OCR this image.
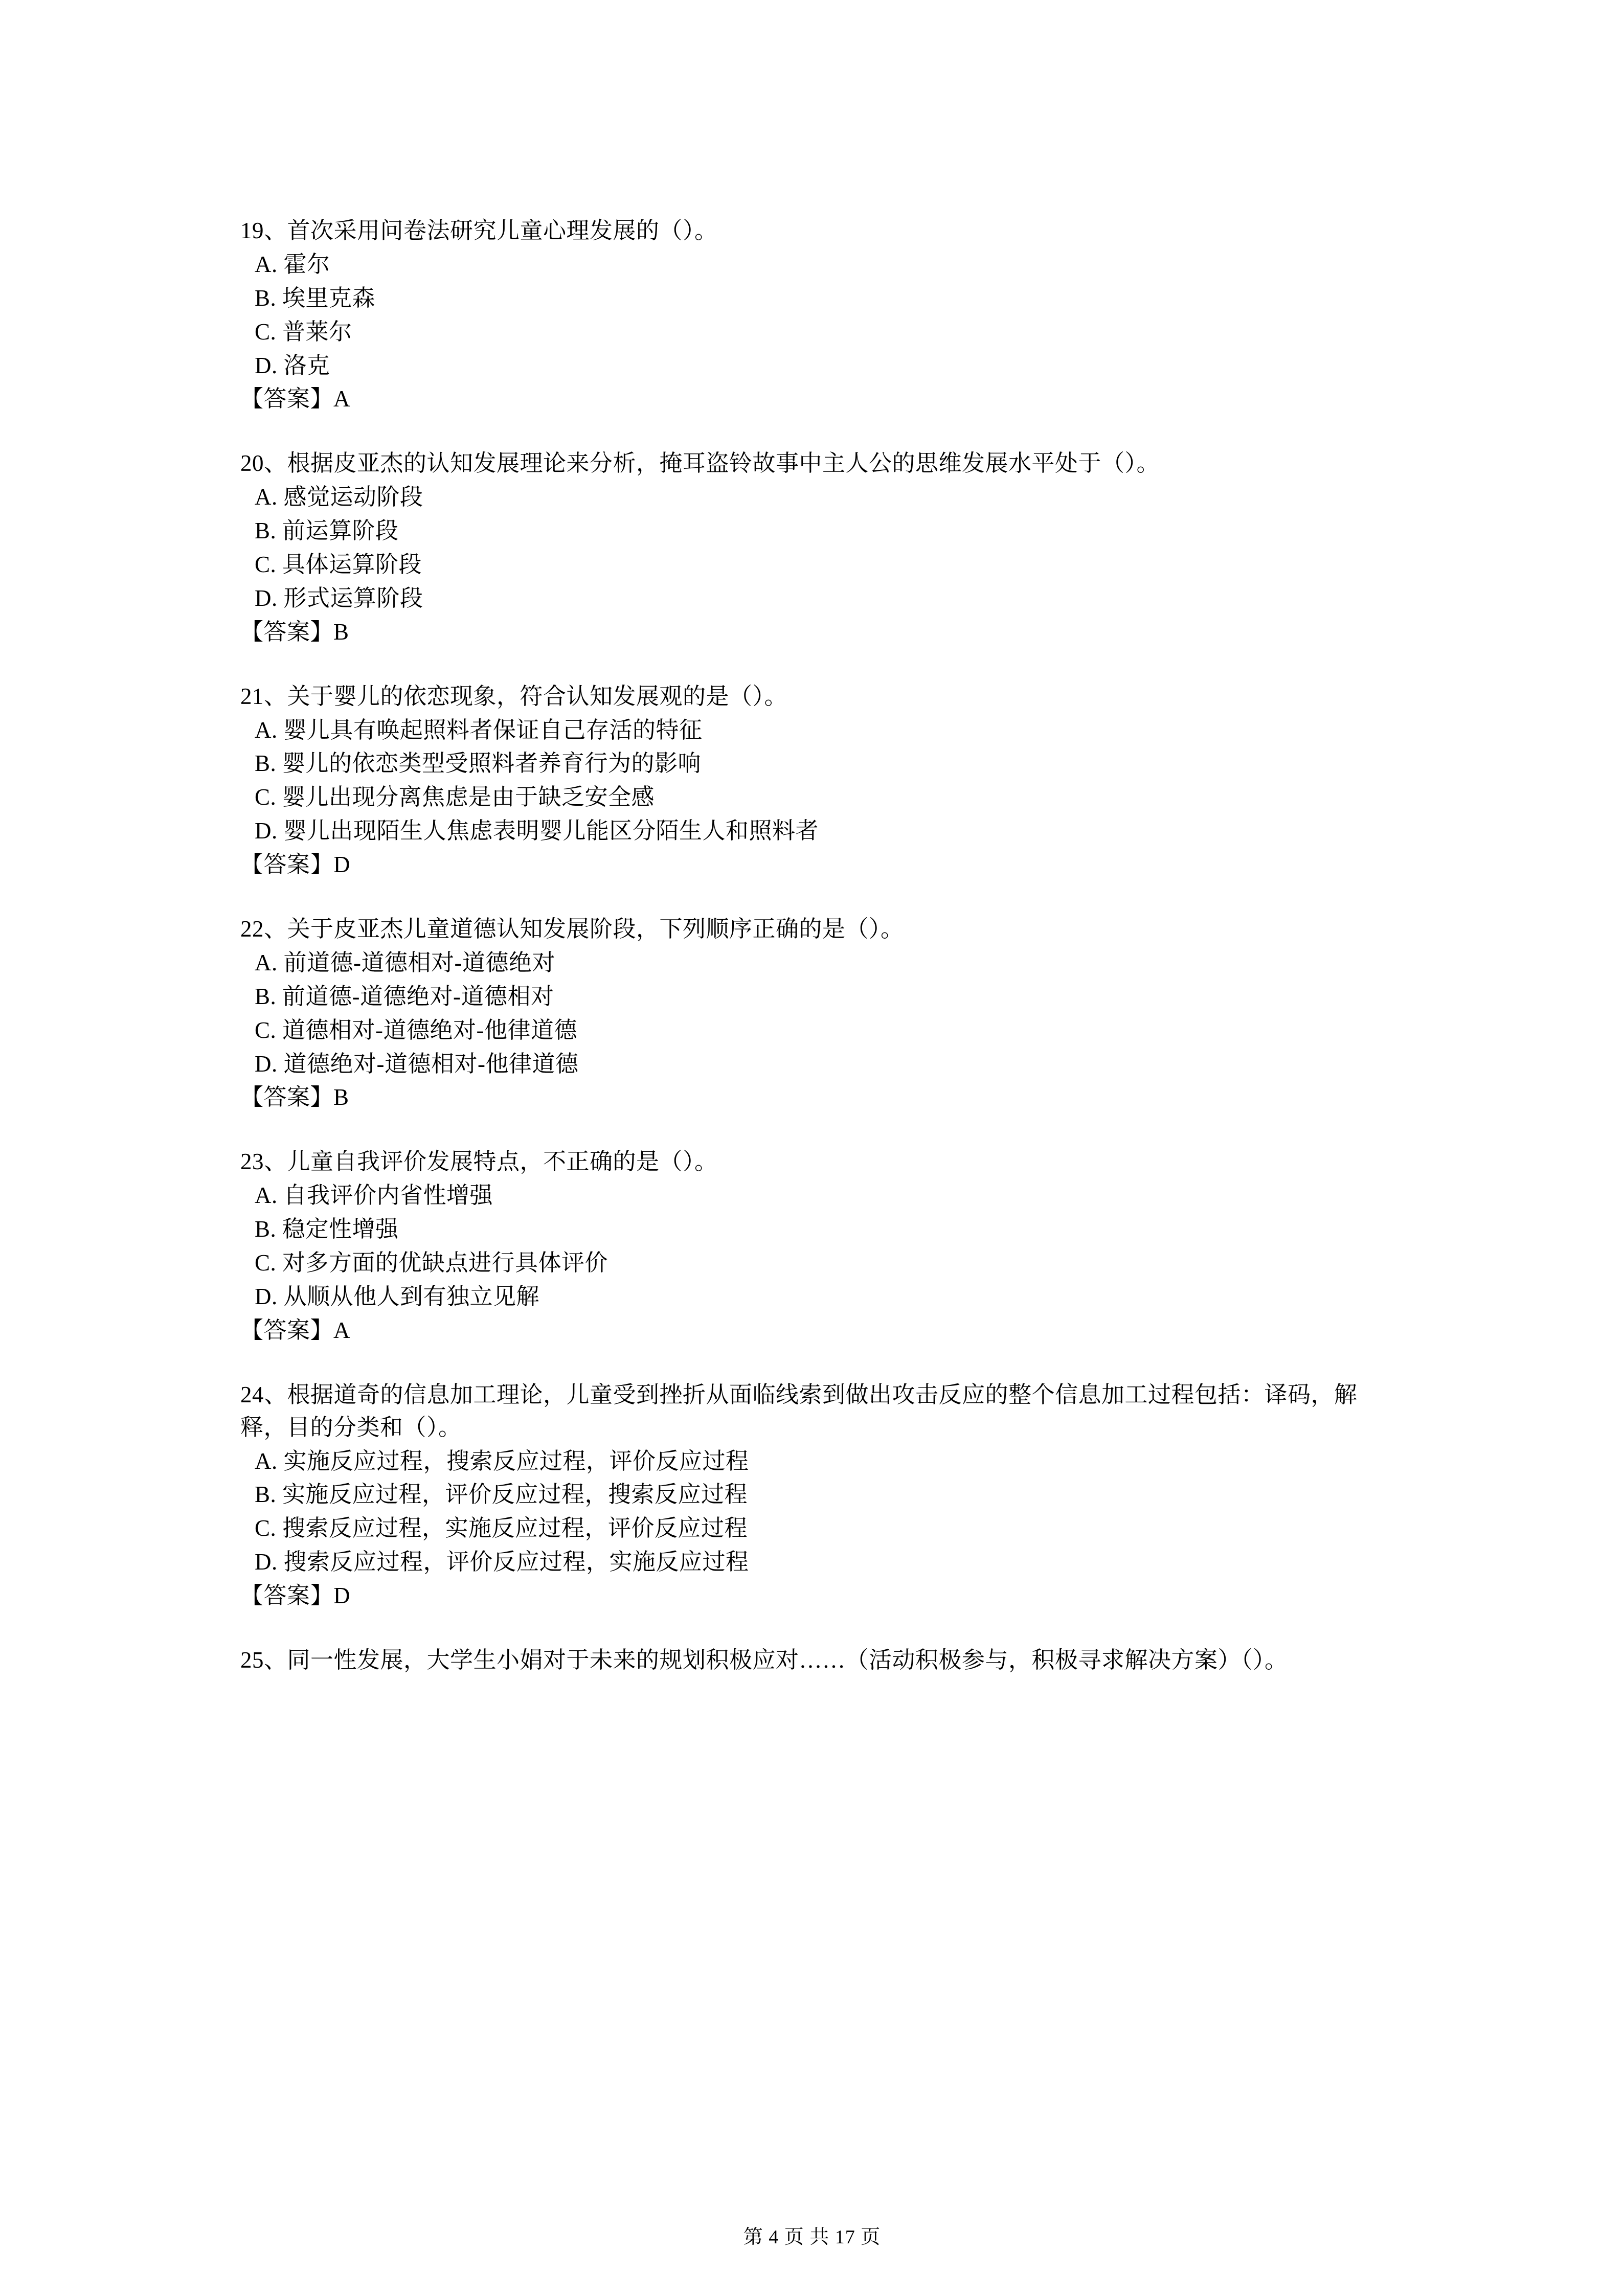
19、首次采用问卷法研究儿童心理发展的（）。

A. 霍尔

B. 埃里克森

C. 普莱尔

D. 洛克

【答案】A

20、根据皮亚杰的认知发展理论来分析，掩耳盗铃故事中主人公的思维发展水平处于（）。

A. 感觉运动阶段

B. 前运算阶段

C. 具体运算阶段

D. 形式运算阶段

【答案】B

21、关于婴儿的依恋现象，符合认知发展观的是（）。

A. 婴儿具有唤起照料者保证自己存活的特征

B. 婴儿的依恋类型受照料者养育行为的影响

C. 婴儿出现分离焦虑是由于缺乏安全感

D. 婴儿出现陌生人焦虑表明婴儿能区分陌生人和照料者

【答案】D

22、关于皮亚杰儿童道德认知发展阶段，下列顺序正确的是（）。

A. 前道德-道德相对-道德绝对

B. 前道德-道德绝对-道德相对

C. 道德相对-道德绝对-他律道德

D. 道德绝对-道德相对-他律道德

【答案】B

23、儿童自我评价发展特点，不正确的是（）。

A. 自我评价内省性增强

B. 稳定性增强

C. 对多方面的优缺点进行具体评价

D. 从顺从他人到有独立见解

【答案】A

24、根据道奇的信息加工理论，儿童受到挫折从面临线索到做出攻击反应的整个信息加工过程包括：译码，解释，目的分类和（）。

A. 实施反应过程，搜索反应过程，评价反应过程

B. 实施反应过程，评价反应过程，搜索反应过程

C. 搜索反应过程，实施反应过程，评价反应过程

D. 搜索反应过程，评价反应过程，实施反应过程

【答案】D

25、同一性发展，大学生小娟对于未来的规划积极应对……（活动积极参与，积极寻求解决方案）（）。

第 4 页 共 17 页
